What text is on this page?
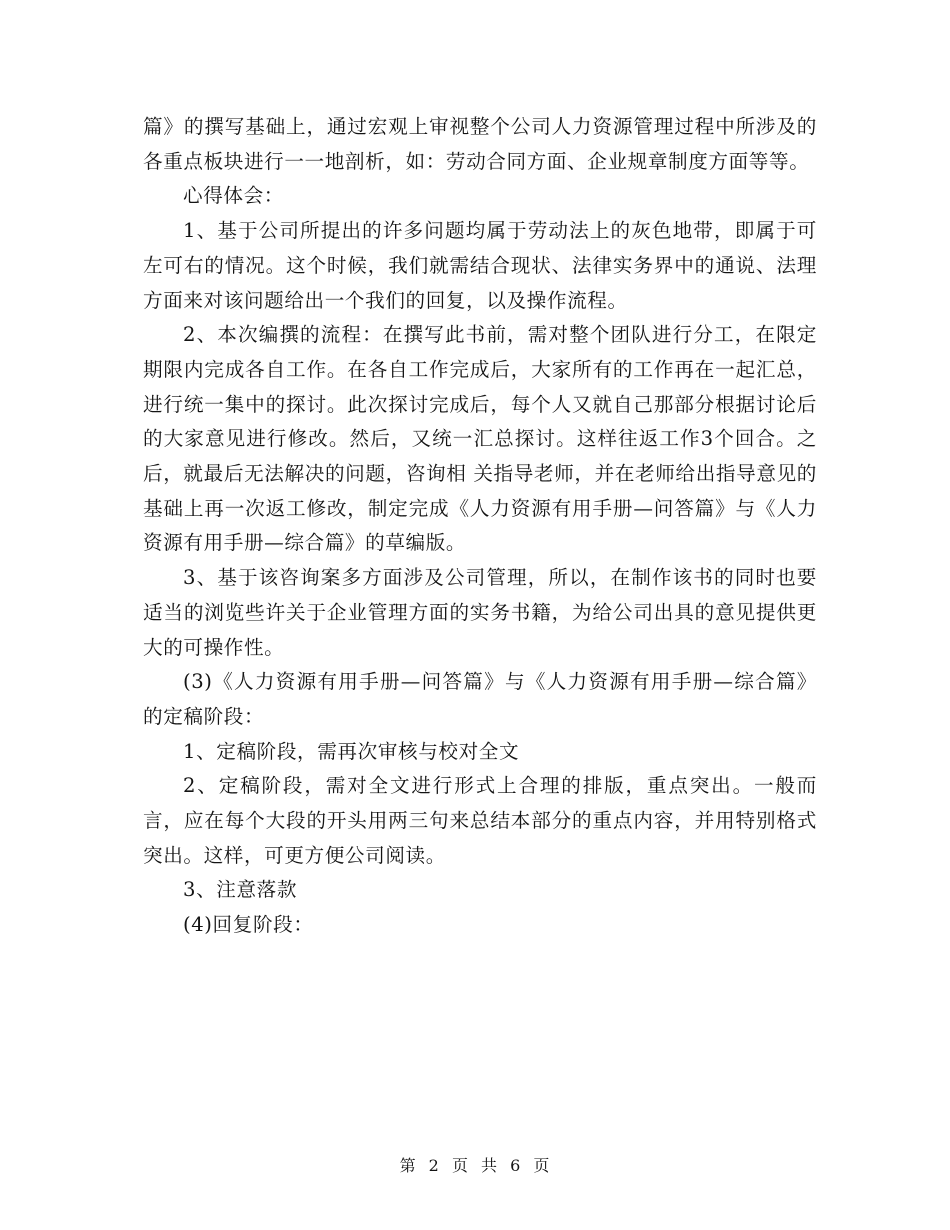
篇》的撰写基础上，通过宏观上审视整个公司人力资源管理过程中所涉及的各重点板块进行一一地剖析，如：劳动合同方面、企业规章制度方面等等。

心得体会：

1、基于公司所提出的许多问题均属于劳动法上的灰色地带，即属于可左可右的情况。这个时候，我们就需结合现状、法律实务界中的通说、法理方面来对该问题给出一个我们的回复，以及操作流程。

2、本次编撰的流程：在撰写此书前，需对整个团队进行分工，在限定期限内完成各自工作。在各自工作完成后，大家所有的工作再在一起汇总，进行统一集中的探讨。此次探讨完成后，每个人又就自己那部分根据讨论后的大家意见进行修改。然后，又统一汇总探讨。这样往返工作3个回合。之后，就最后无法解决的问题，咨询相 关指导老师，并在老师给出指导意见的基础上再一次返工修改，制定完成《人力资源有用手册—问答篇》与《人力资源有用手册—综合篇》的草编版。

3、基于该咨询案多方面涉及公司管理，所以，在制作该书的同时也要适当的浏览些许关于企业管理方面的实务书籍，为给公司出具的意见提供更大的可操作性。

(3)《人力资源有用手册—问答篇》与《人力资源有用手册—综合篇》的定稿阶段：

1、定稿阶段，需再次审核与校对全文

2、定稿阶段，需对全文进行形式上合理的排版，重点突出。一般而言，应在每个大段的开头用两三句来总结本部分的重点内容，并用特别格式突出。这样，可更方便公司阅读。

3、注意落款

(4)回复阶段：

第 2 页 共 6 页
